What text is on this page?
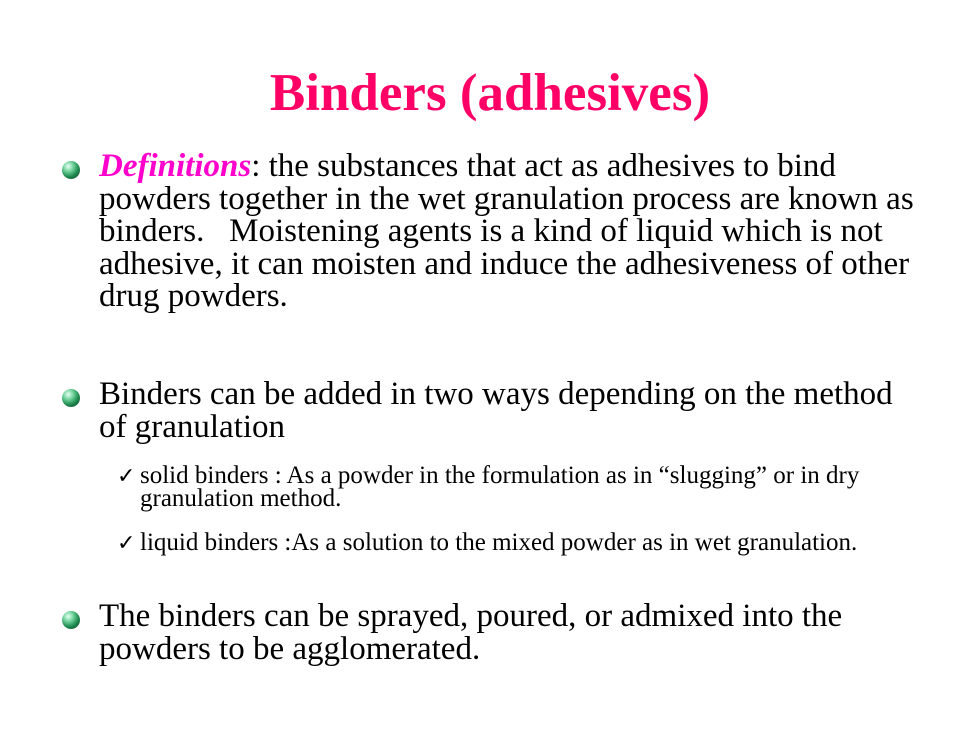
Binders (adhesives)
Definitions: the substances that act as adhesives to bind powders together in the wet granulation process are known as binders.   Moistening agents is a kind of liquid which is not adhesive, it can moisten and induce the adhesiveness of other drug powders.
Binders can be added in two ways depending on the method of granulation
✓ solid binders : As a powder in the formulation as in “slugging” or in dry granulation method.
✓ liquid binders :As a solution to the mixed powder as in wet granulation.
The binders can be sprayed, poured, or admixed into the powders to be agglomerated.
